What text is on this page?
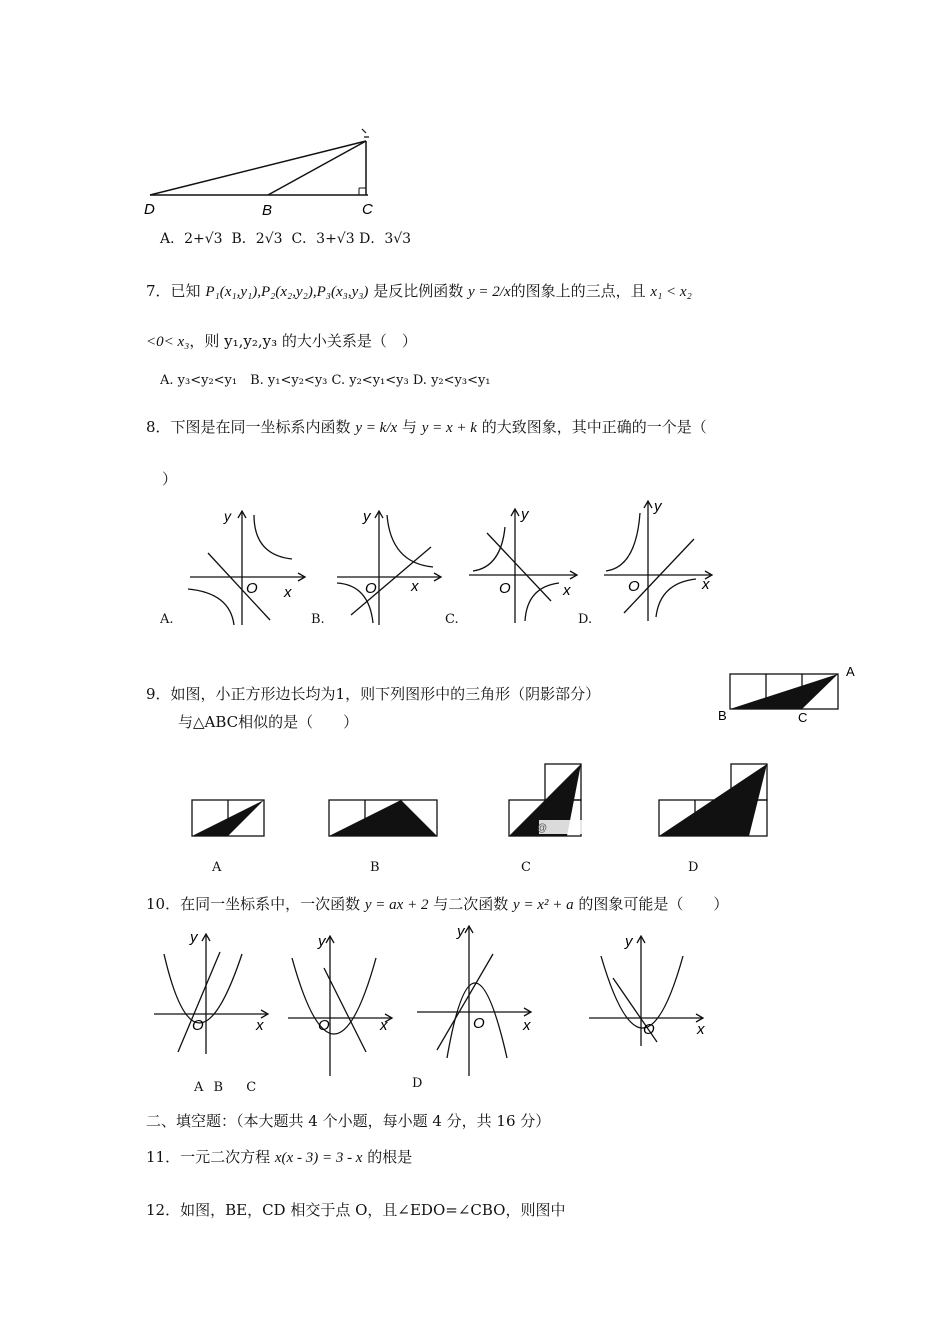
D	B	C
A．2+√3 B．2√3 C．3+√3 D．3√3
7．已知 P₁(x₁,y₁),P₂(x₂,y₂),P₃(x₃,y₃) 是反比例函数 y = 2/x的图象上的三点，且 x₁ < x₂
<0< x₃，则 y₁,y₂,y₃ 的大小关系是（　）
A. y₃<y₂<y₁　B. y₁<y₂<y₃ C. y₂<y₁<y₃ D. y₂<y₃<y₁
8．下图是在同一坐标系内函数 y = k/x 与 y = x + k 的大致图象，其中正确的一个是（
）
y
O x
y
O x
y
O	x
y
O	x
A.	B.	C.	D.
9．如图，小正方形边长均为1，则下列图形中的三角形（阴影部分）
与△ABC相似的是（　　）
A
B	C
@
A	B	C	D
10．在同一坐标系中，一次函数 y = ax + 2 与二次函数 y = x² + a 的图象可能是（　　）
y
O	x
y
O	x
y
O	x
y
O	x
A B　 C	D
二、填空题：（本大题共 4 个小题，每小题 4 分，共 16 分）
11．一元二次方程 x(x - 3) = 3 - x 的根是
12．如图，BE，CD 相交于点 O，且∠EDO=∠CBO，则图中
